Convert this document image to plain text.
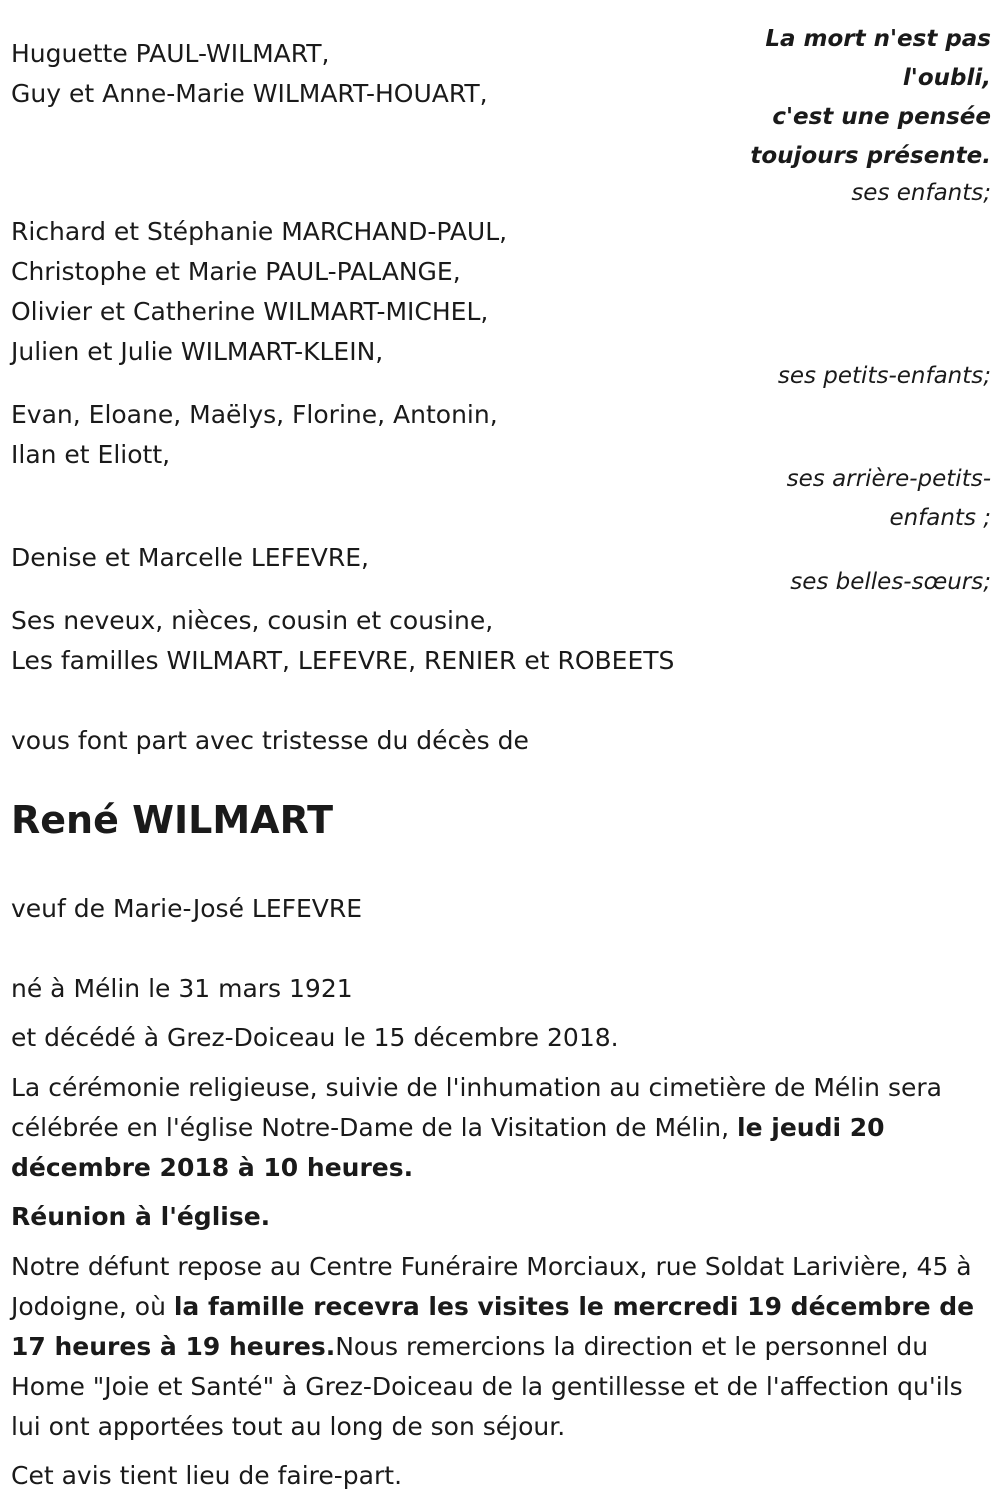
La mort n'est pas
l'oubli,
c'est une pensée
toujours présente.
Huguette PAUL-WILMART,
Guy et Anne-Marie WILMART-HOUART,
ses enfants;
Richard et Stéphanie MARCHAND-PAUL,
Christophe et Marie PAUL-PALANGE,
Olivier et Catherine WILMART-MICHEL,
Julien et Julie WILMART-KLEIN,
ses petits-enfants;
Evan, Eloane, Maëlys, Florine, Antonin,
Ilan et Eliott,
ses arrière-petits-
enfants ;
Denise et Marcelle LEFEVRE,
ses belles-sœurs;
Ses neveux, nièces, cousin et cousine,
Les familles WILMART, LEFEVRE, RENIER et ROBEETS
vous font part avec tristesse du décès de
René WILMART
veuf de Marie-José LEFEVRE
né à Mélin le 31 mars 1921
et décédé à Grez-Doiceau le 15 décembre 2018.
La cérémonie religieuse, suivie de l'inhumation au cimetière de Mélin sera célébrée en l'église Notre-Dame de la Visitation de Mélin, le jeudi 20 décembre 2018 à 10 heures.
Réunion à l'église.
Notre défunt repose au Centre Funéraire Morciaux, rue Soldat Larivière, 45 à Jodoigne, où la famille recevra les visites le mercredi 19 décembre de 17 heures à 19 heures.Nous remercions la direction et le personnel du Home "Joie et Santé" à Grez-Doiceau de la gentillesse et de l'affection qu'ils lui ont apportées tout au long de son séjour.
Cet avis tient lieu de faire-part.
